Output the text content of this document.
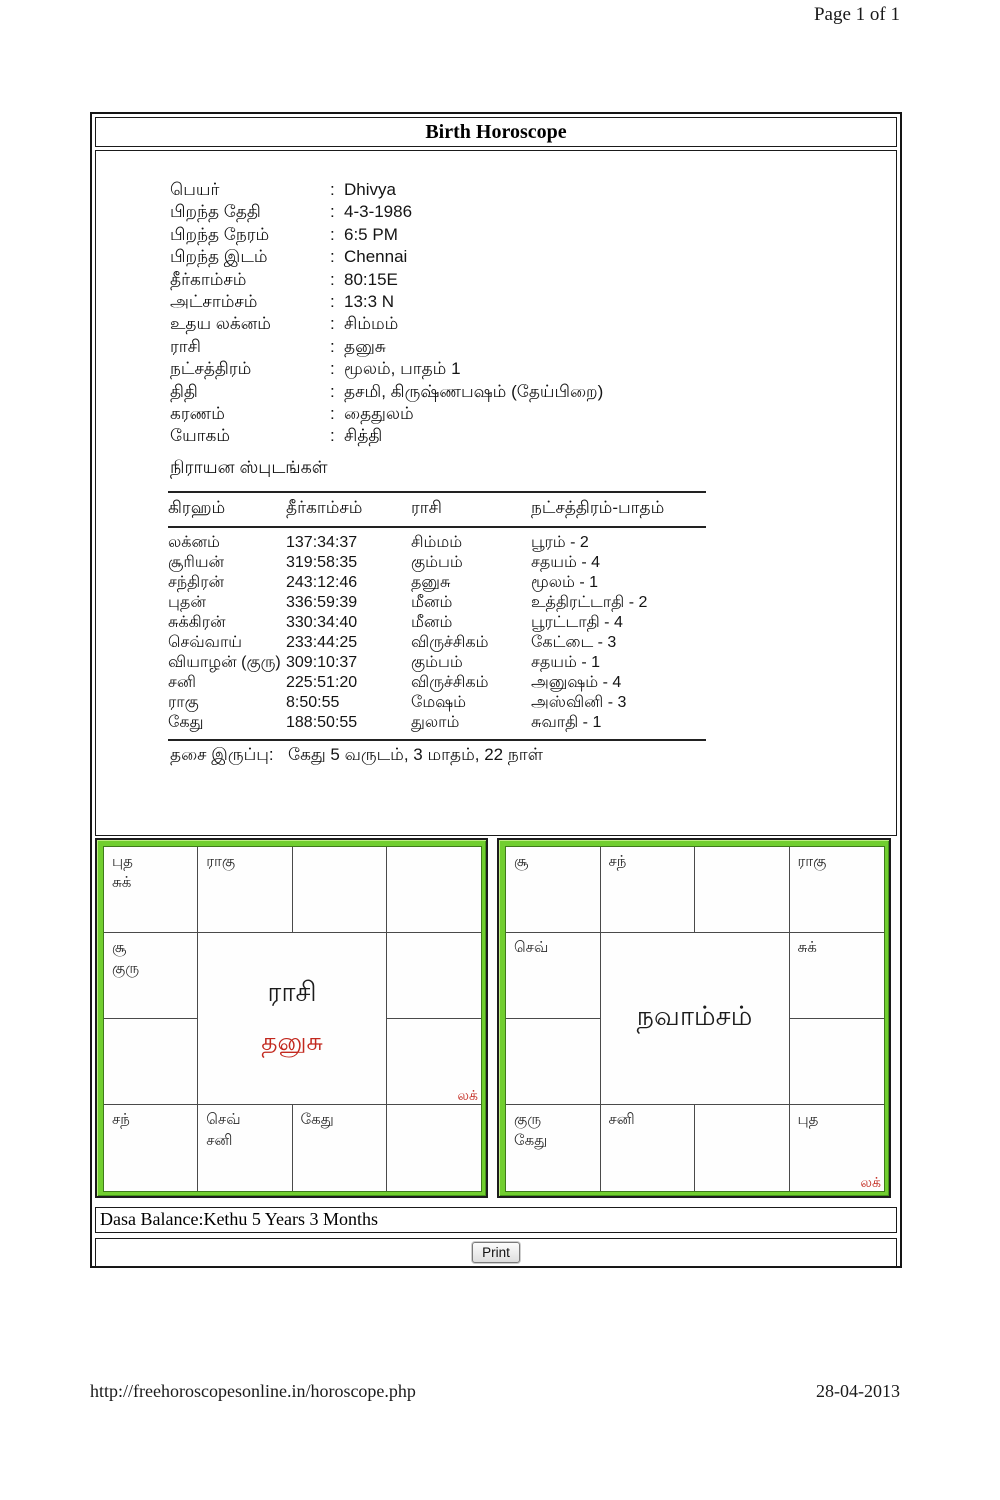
Page 1 of 1
Birth Horoscope
பெயர்	: Dhivya
பிறந்த தேதி	: 4-3-1986
பிறந்த நேரம்	: 6:5 PM
பிறந்த இடம்	: Chennai
தீர்காம்சம்	: 80:15E
அட்சாம்சம்	: 13:3 N
உதய லக்னம்	: சிம்மம்
ராசி	: தனுசு
நட்சத்திரம்	: மூலம், பாதம் 1
திதி	: தசமி, கிருஷ்ணபஷம் (தேய்பிறை)
கரணம்	: தைதுலம்
யோகம்	: சித்தி
நிராயன ஸ்புடங்கள்
கிரஹம்	தீர்காம்சம்	ராசி	நட்சத்திரம்-பாதம்
லக்னம்	137:34:37	சிம்மம்	பூரம் - 2
சூரியன்	319:58:35	கும்பம்	சதயம் - 4
சந்திரன்	243:12:46	தனுசு	மூலம் - 1
புதன்	336:59:39	மீனம்	உத்திரட்டாதி - 2
சுக்கிரன்	330:34:40	மீனம்	பூரட்டாதி - 4
செவ்வாய்	233:44:25	விருச்சிகம்	கேட்டை - 3
வியாழன் (குரு)	309:10:37	கும்பம்	சதயம் - 1
சனி	225:51:20	விருச்சிகம்	அனுஷம் - 4
ராகு	8:50:55	மேஷம்	அஸ்வினி - 3
கேது	188:50:55	துலாம்	சுவாதி - 1
தசை இருப்பு: கேது 5 வருடம், 3 மாதம், 22 நாள்
புத
சுக்
ராகு
சூ
குரு
லக்
சந்	செவ்
சனி
கேது
ராசி
தனுசு
சூ	சந்	ராகு
செவ்	சுக்
குரு
கேது
சனி	புத
லக்
நவாம்சம்
Dasa Balance:Kethu 5 Years 3 Months
Print
http://freehoroscopesonline.in/horoscope.php	28-04-2013
